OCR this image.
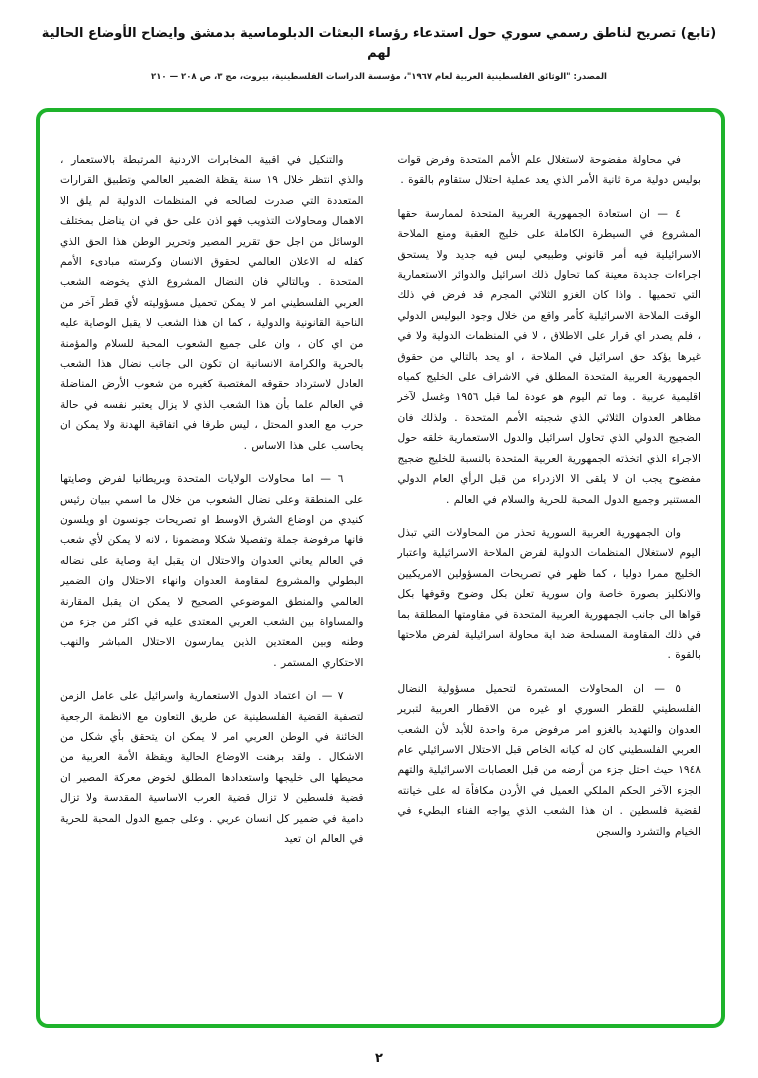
(تابع) تصريح لناطق رسمي سوري حول استدعاء رؤساء البعثات الدبلوماسية بدمشق وايضاح الأوضاع الحالية لهم
المصدر: "الوثائق الفلسطينية العربية لعام ١٩٦٧"، مؤسسة الدراسات الفلسطينية، بيروت، مج ٣، ص ٢٠٨ — ٢١٠

في محاولة مفضوحة لاستغلال علم الأمم المتحدة وفرض قوات بوليس دولية مرة ثانية الأمر الذي يعد عملية احتلال ستقاوم بالقوة .

٤ — ان استعادة الجمهورية العربية المتحدة لممارسة حقها المشروع في السيطرة الكاملة على خليج العقبة ومنع الملاحة الاسرائيلية فيه أمر قانوني وطبيعي ليس فيه جديد ولا يستحق اجراءات جديدة معينة كما تحاول ذلك اسرائيل والدوائر الاستعمارية التي تحميها . واذا كان الغزو الثلاثي المجرم قد فرض في ذلك الوقت الملاحة الاسرائيلية كأمر واقع من خلال وجود البوليس الدولي ، فلم يصدر اي قرار على الاطلاق ، لا في المنظمات الدولية ولا في غيرها يؤكد حق اسرائيل في الملاحة ، او يحد بالتالي من حقوق الجمهورية العربية المتحدة المطلق في الاشراف على الخليج كمياه اقليمية عربية . وما تم اليوم هو عودة لما قبل ١٩٥٦ وغسل لآخر مظاهر العدوان الثلاثي الذي شجبته الأمم المتحدة . ولذلك فان الضجيج الدولي الذي تحاول اسرائيل والدول الاستعمارية خلقه حول الاجراء الذي اتخذته الجمهورية العربية المتحدة بالنسبة للخليج ضجيج مفضوح يجب ان لا يلقى الا الازدراء من قبل الرأي العام الدولي المستنير وجميع الدول المحبة للحرية والسلام في العالم .

وان الجمهورية العربية السورية تحذر من المحاولات التي تبذل اليوم لاستغلال المنظمات الدولية لفرض الملاحة الاسرائيلية واعتبار الخليج ممرا دوليا ، كما ظهر في تصريحات المسؤولين الامريكيين والانكليز بصورة خاصة وان سورية تعلن بكل وضوح وقوفها بكل قواها الى جانب الجمهورية العربية المتحدة في مقاومتها المطلقة بما في ذلك المقاومة المسلحة ضد اية محاولة اسرائيلية لفرض ملاحتها بالقوة .

٥ — ان المحاولات المستمرة لتحميل مسؤولية النضال الفلسطيني للقطر السوري او غيره من الاقطار العربية لتبرير العدوان والتهديد بالغزو امر مرفوض مرة واحدة للأبد لأن الشعب العربي الفلسطيني كان له كيانه الخاص قبل الاحتلال الاسرائيلي عام ١٩٤٨ حيث احتل جزء من أرضه من قبل العصابات الاسرائيلية والتهم الجزء الآخر الحكم الملكي العميل في الأردن مكافأة له على خيانته لقضية فلسطين . ان هذا الشعب الذي يواجه الفناء البطيء في الخيام والتشرد والسجن

والتنكيل في اقبية المخابرات الاردنية المرتبطة بالاستعمار ، والذي انتظر خلال ١٩ سنة يقظة الضمير العالمي وتطبيق القرارات المتعددة التي صدرت لصالحه في المنظمات الدولية لم يلق الا الاهمال ومحاولات التذويب فهو اذن على حق في ان يناضل بمختلف الوسائل من اجل حق تقرير المصير وتحرير الوطن هذا الحق الذي كفله له الاعلان العالمي لحقوق الانسان وكرسته مبادىء الأمم المتحدة . وبالتالي فان النضال المشروع الذي يخوضه الشعب العربي الفلسطيني امر لا يمكن تحميل مسؤوليته لأي قطر آخر من الناحية القانونية والدولية ، كما ان هذا الشعب لا يقبل الوصاية عليه من اي كان ، وان على جميع الشعوب المحبة للسلام والمؤمنة بالحرية والكرامة الانسانية ان تكون الى جانب نضال هذا الشعب العادل لاسترداد حقوقه المغتصبة كغيره من شعوب الأرض المناضلة في العالم علما بأن هذا الشعب الذي لا يزال يعتبر نفسه في حالة حرب مع العدو المحتل ، ليس طرفا في اتفاقية الهدنة ولا يمكن ان يحاسب على هذا الاساس .

٦ — اما محاولات الولايات المتحدة وبريطانيا لفرض وصايتها على المنطقة وعلى نضال الشعوب من خلال ما اسمي ببيان رئيس كنيدي من اوضاع الشرق الاوسط او تصريحات جونسون او ويلسون فانها مرفوضة جملة وتفصيلا شكلا ومضمونا ، لانه لا يمكن لأي شعب في العالم يعاني العدوان والاحتلال ان يقبل اية وصاية على نضاله البطولي والمشروع لمقاومة العدوان وانهاء الاحتلال وان الضمير العالمي والمنطق الموضوعي الصحيح لا يمكن ان يقبل المقارنة والمساواة بين الشعب العربي المعتدى عليه في اكثر من جزء من وطنه وبين المعتدين الذين يمارسون الاحتلال المباشر والنهب الاحتكاري المستمر .

٧ — ان اعتماد الدول الاستعمارية واسرائيل على عامل الزمن لتصفية القضية الفلسطينية عن طريق التعاون مع الانظمة الرجعية الخائنة في الوطن العربي امر لا يمكن ان يتحقق بأي شكل من الاشكال . ولقد برهنت الاوضاع الحالية ويقظة الأمة العربية من محيطها الى خليجها واستعدادها المطلق لخوض معركة المصير ان قضية فلسطين لا تزال قضية العرب الاساسية المقدسة ولا تزال دامية في ضمير كل انسان عربي . وعلى جميع الدول المحبة للحرية في العالم ان تعيد

٢
